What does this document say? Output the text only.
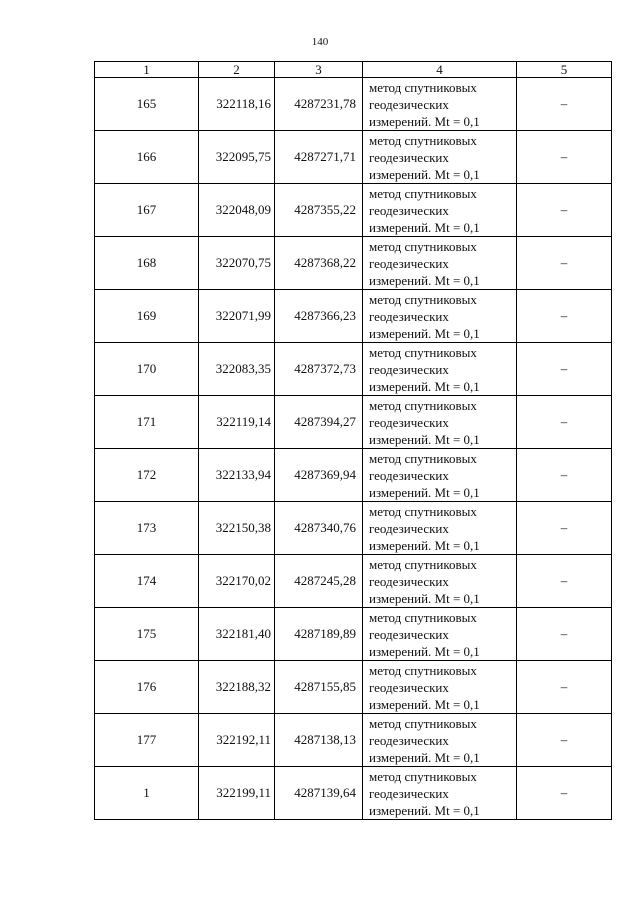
140
1	2	3	4	5
165	322118,16	4287231,78	метод спутниковых
геодезических
измерений. Mt = 0,1	–
166	322095,75	4287271,71	метод спутниковых
геодезических
измерений. Mt = 0,1	–
167	322048,09	4287355,22	метод спутниковых
геодезических
измерений. Mt = 0,1	–
168	322070,75	4287368,22	метод спутниковых
геодезических
измерений. Mt = 0,1	–
169	322071,99	4287366,23	метод спутниковых
геодезических
измерений. Mt = 0,1	–
170	322083,35	4287372,73	метод спутниковых
геодезических
измерений. Mt = 0,1	–
171	322119,14	4287394,27	метод спутниковых
геодезических
измерений. Mt = 0,1	–
172	322133,94	4287369,94	метод спутниковых
геодезических
измерений. Mt = 0,1	–
173	322150,38	4287340,76	метод спутниковых
геодезических
измерений. Mt = 0,1	–
174	322170,02	4287245,28	метод спутниковых
геодезических
измерений. Mt = 0,1	–
175	322181,40	4287189,89	метод спутниковых
геодезических
измерений. Mt = 0,1	–
176	322188,32	4287155,85	метод спутниковых
геодезических
измерений. Mt = 0,1	–
177	322192,11	4287138,13	метод спутниковых
геодезических
измерений. Mt = 0,1	–
1	322199,11	4287139,64	метод спутниковых
геодезических
измерений. Mt = 0,1	–
